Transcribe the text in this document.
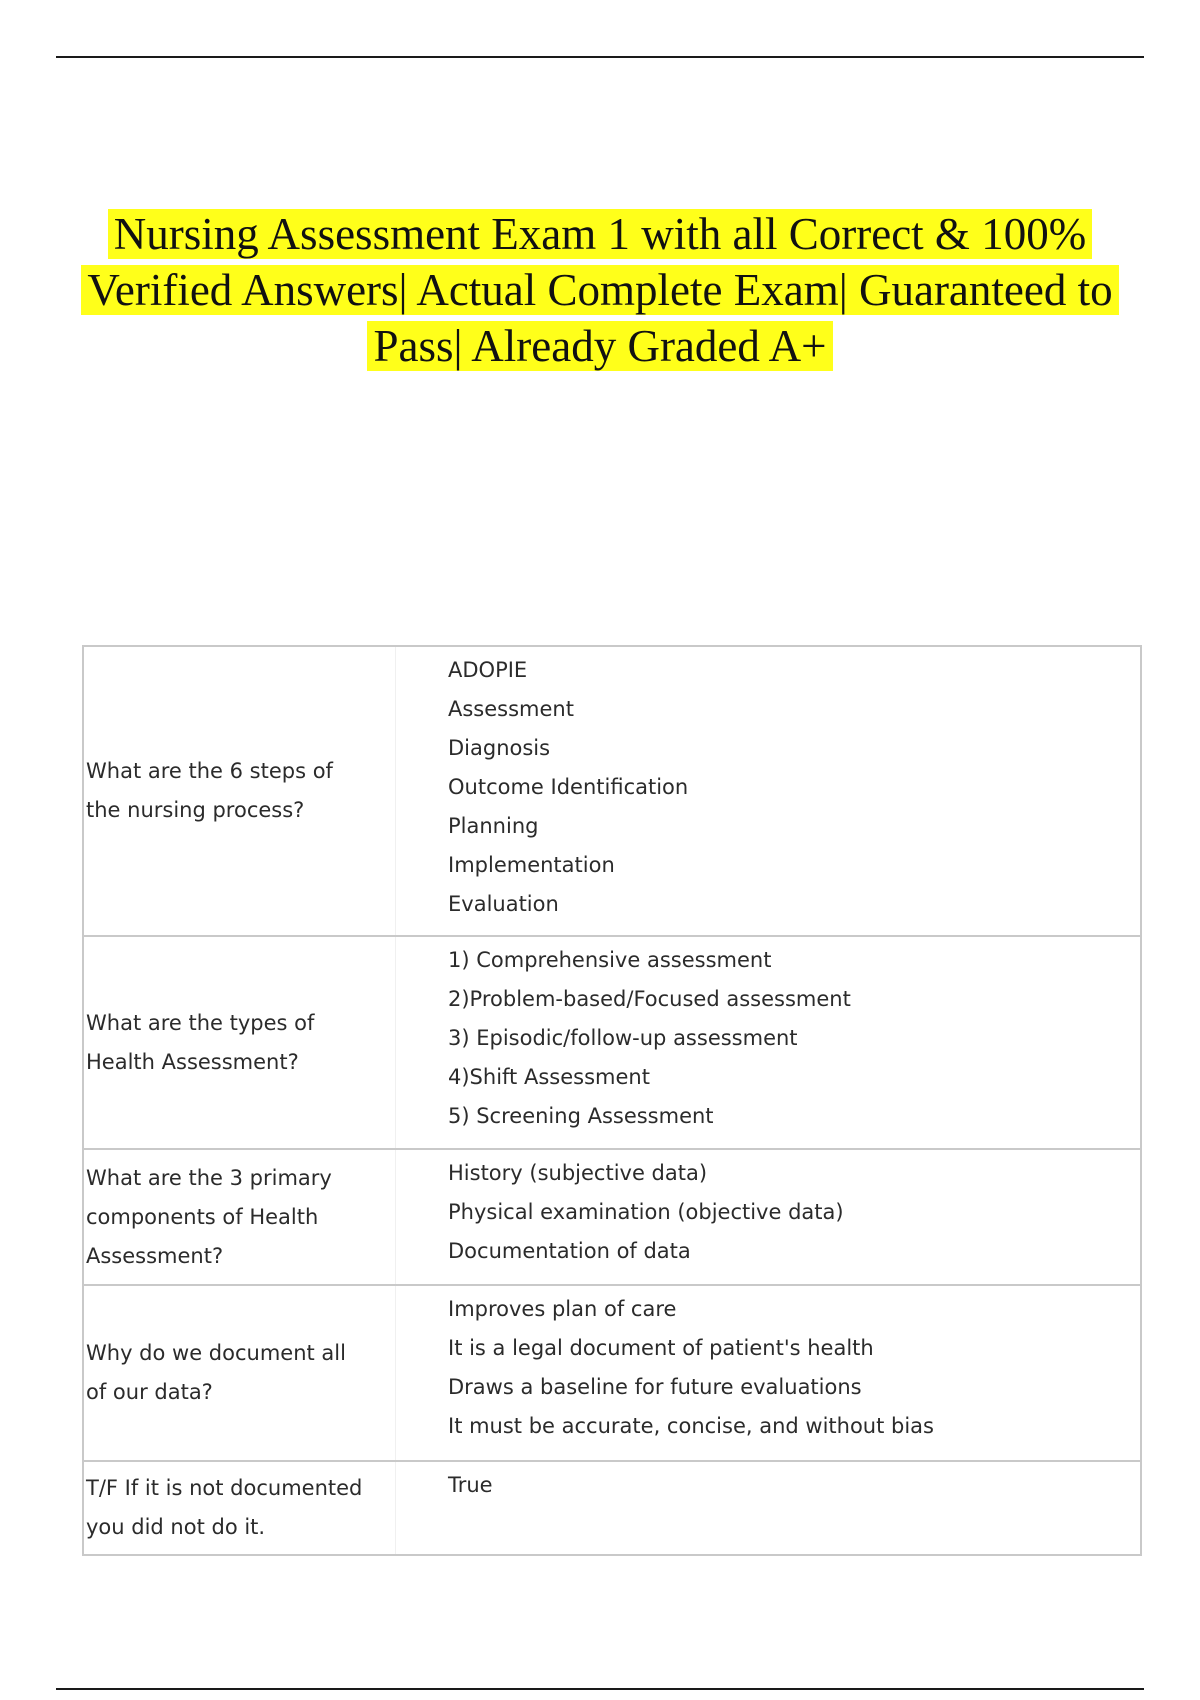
Nursing Assessment Exam 1 with all Correct & 100%
Verified Answers| Actual Complete Exam| Guaranteed to
Pass| Already Graded A+
What are the 6 steps of
the nursing process?
ADOPIE
Assessment
Diagnosis
Outcome Identification
Planning
Implementation
Evaluation
What are the types of
Health Assessment?
1) Comprehensive assessment
2)Problem-based/Focused assessment
3) Episodic/follow-up assessment
4)Shift Assessment
5) Screening Assessment
What are the 3 primary
components of Health
Assessment?
History (subjective data)
Physical examination (objective data)
Documentation of data
Why do we document all
of our data?
Improves plan of care
It is a legal document of patient's health
Draws a baseline for future evaluations
It must be accurate, concise, and without bias
T/F If it is not documented
you did not do it.
True
